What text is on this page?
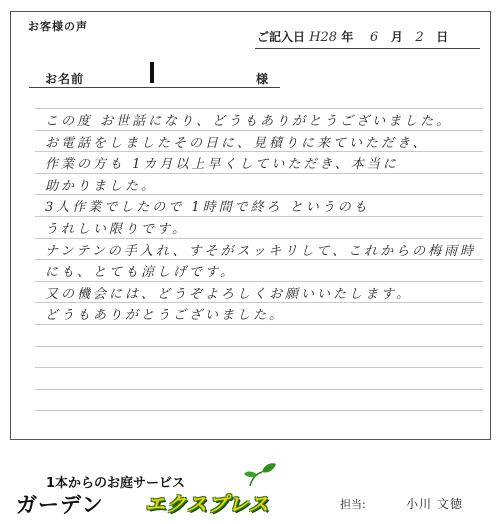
お客様の声
ご記入日 H28 年 6 月 2 日
お名前	様
この度 お世話になり、どうもありがとうございました。
お電話をしましたその日に、見積りに来ていただき、
作業の方も 1カ月以上早くしていただき、本当に
助かりました。
3人作業でしたので 1時間で終ろ というのも
うれしい限りです。
ナンテンの手入れ、すそがスッキリして、これからの梅雨時
にも、とても涼しげです。
又の機会には、どうぞよろしくお願いいたします。
どうもありがとうございました。
1本からのお庭サービス
ガーデン エクスプレス	担当:	小川 文徳
